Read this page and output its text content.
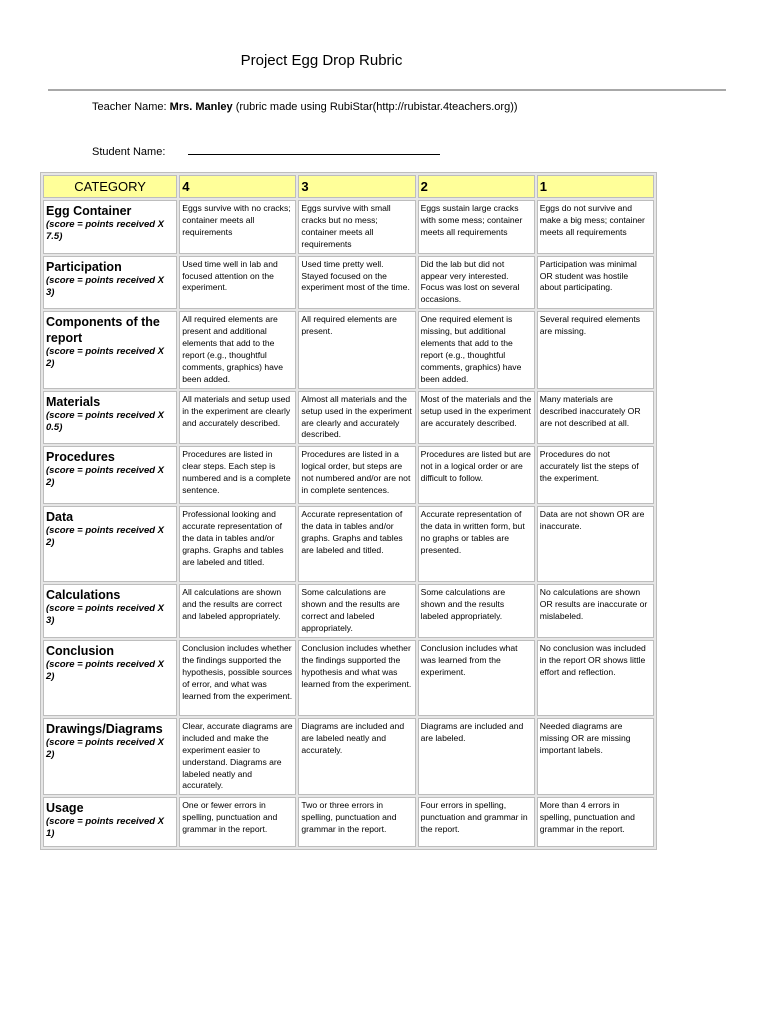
Project Egg Drop Rubric
Teacher Name: Mrs. Manley (rubric made using RubiStar(http://rubistar.4teachers.org))
Student Name:
CATEGORY	4	3	2	1

Egg Container
(score = points received X 7.5)	Eggs survive with no cracks; container meets all requirements	Eggs survive with small cracks but no mess; container meets all requirements	Eggs sustain large cracks with some mess; container meets all requirements	Eggs do not survive and make a big mess; container meets all requirements

Participation
(score = points received X 3)	Used time well in lab and focused attention on the experiment.	Used time pretty well. Stayed focused on the experiment most of the time.	Did the lab but did not appear very interested. Focus was lost on several occasions.	Participation was minimal OR student was hostile about participating.

Components of the report
(score = points received X 2)	All required elements are present and additional elements that add to the report (e.g., thoughtful comments, graphics) have been added.	All required elements are present.	One required element is missing, but additional elements that add to the report (e.g., thoughtful comments, graphics) have been added.	Several required elements are missing.

Materials
(score = points received X 0.5)	All materials and setup used in the experiment are clearly and accurately described.	Almost all materials and the setup used in the experiment are clearly and accurately described.	Most of the materials and the setup used in the experiment are accurately described.	Many materials are described inaccurately OR are not described at all.

Procedures
(score = points received X 2)	Procedures are listed in clear steps. Each step is numbered and is a complete sentence.	Procedures are listed in a logical order, but steps are not numbered and/or are not in complete sentences.	Procedures are listed but are not in a logical order or are difficult to follow.	Procedures do not accurately list the steps of the experiment.

Data
(score = points received X 2)	Professional looking and accurate representation of the data in tables and/or graphs. Graphs and tables are labeled and titled.	Accurate representation of the data in tables and/or graphs. Graphs and tables are labeled and titled.	Accurate representation of the data in written form, but no graphs or tables are presented.	Data are not shown OR are inaccurate.

Calculations
(score = points received X 3)	All calculations are shown and the results are correct and labeled appropriately.	Some calculations are shown and the results are correct and labeled appropriately.	Some calculations are shown and the results labeled appropriately.	No calculations are shown OR results are inaccurate or mislabeled.

Conclusion
(score = points received X 2)	Conclusion includes whether the findings supported the hypothesis, possible sources of error, and what was learned from the experiment.	Conclusion includes whether the findings supported the hypothesis and what was learned from the experiment.	Conclusion includes what was learned from the experiment.	No conclusion was included in the report OR shows little effort and reflection.

Drawings/Diagrams
(score = points received X 2)	Clear, accurate diagrams are included and make the experiment easier to understand. Diagrams are labeled neatly and accurately.	Diagrams are included and are labeled neatly and accurately.	Diagrams are included and are labeled.	Needed diagrams are missing OR are missing important labels.

Usage
(score = points received X 1)	One or fewer errors in spelling, punctuation and grammar in the report.	Two or three errors in spelling, punctuation and grammar in the report.	Four errors in spelling, punctuation and grammar in the report.	More than 4 errors in spelling, punctuation and grammar in the report.
